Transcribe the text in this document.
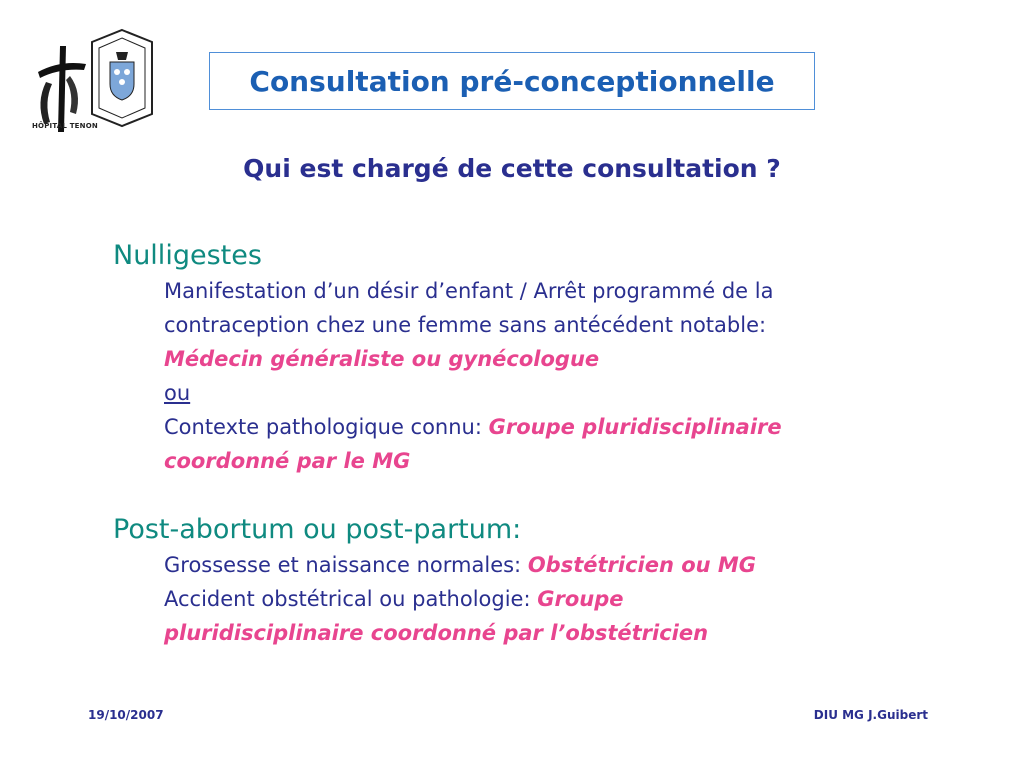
HÔPITAL TENON
Consultation pré-conceptionnelle
Qui est chargé de cette consultation ?
Nulligestes
Manifestation d’un désir d’enfant / Arrêt programmé de la
contraception chez une femme sans antécédent notable:
Médecin généraliste ou gynécologue
ou
Contexte pathologique connu: Groupe pluridisciplinaire
coordonné par le MG
Post-abortum ou post-partum:
Grossesse et naissance normales: Obstétricien ou MG
Accident obstétrical ou pathologie: Groupe
pluridisciplinaire coordonné par l’obstétricien
19/10/2007	DIU MG J.Guibert
